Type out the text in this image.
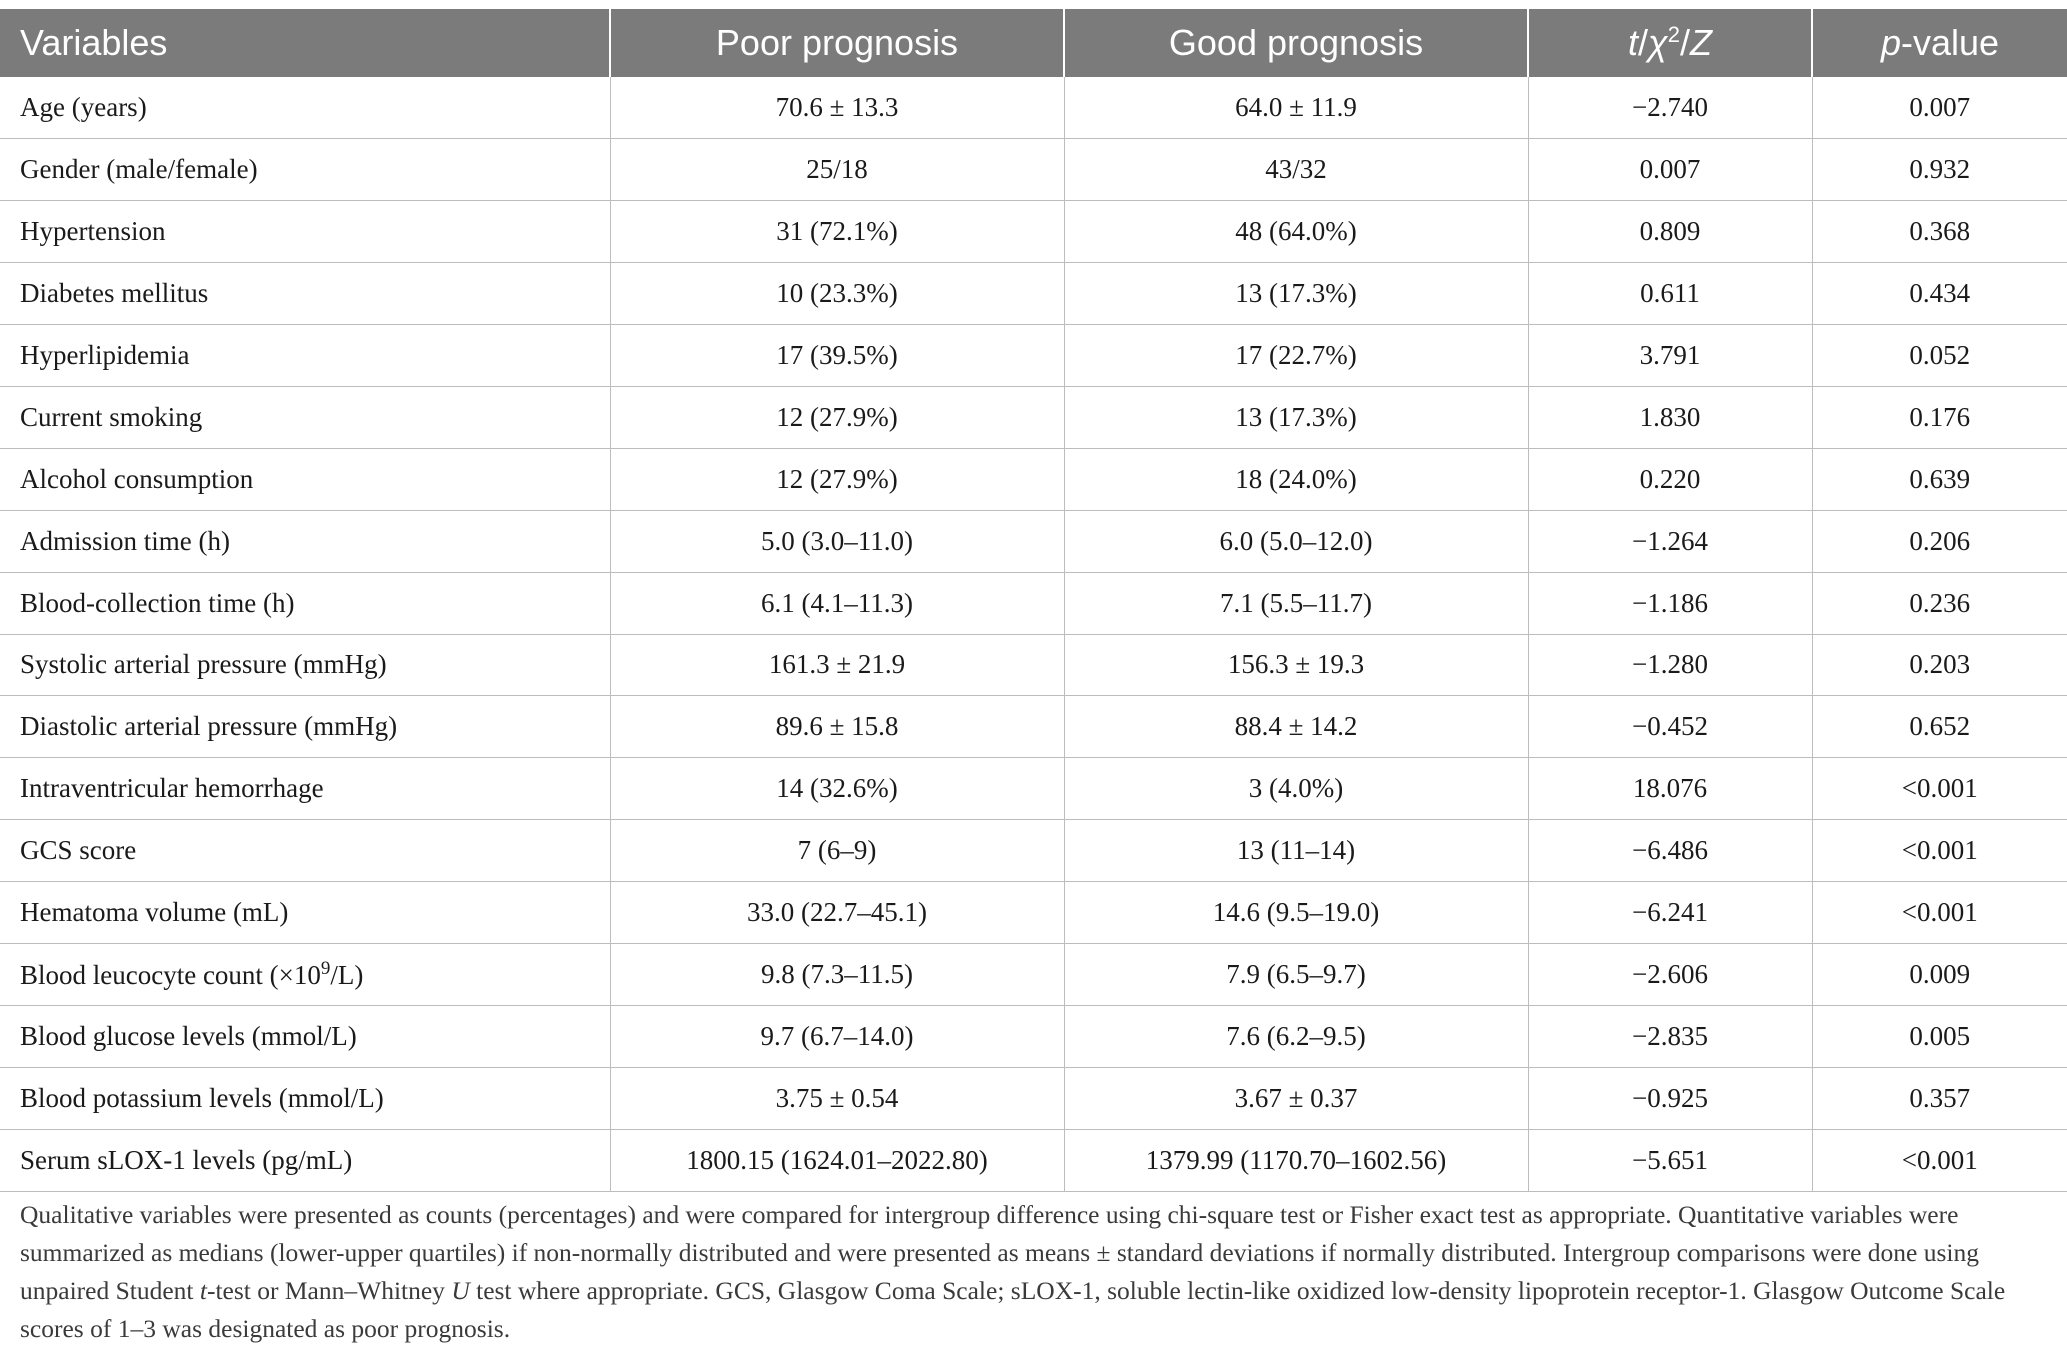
Variables	Poor prognosis	Good prognosis	$t/\chi^2/Z$	p-value
Age (years)	70.6 ± 13.3	64.0 ± 11.9	−2.740	0.007
Gender (male/female)	25/18	43/32	0.007	0.932
Hypertension	31 (72.1%)	48 (64.0%)	0.809	0.368
Diabetes mellitus	10 (23.3%)	13 (17.3%)	0.611	0.434
Hyperlipidemia	17 (39.5%)	17 (22.7%)	3.791	0.052
Current smoking	12 (27.9%)	13 (17.3%)	1.830	0.176
Alcohol consumption	12 (27.9%)	18 (24.0%)	0.220	0.639
Admission time (h)	5.0 (3.0–11.0)	6.0 (5.0–12.0)	−1.264	0.206
Blood-collection time (h)	6.1 (4.1–11.3)	7.1 (5.5–11.7)	−1.186	0.236
Systolic arterial pressure (mmHg)	161.3 ± 21.9	156.3 ± 19.3	−1.280	0.203
Diastolic arterial pressure (mmHg)	89.6 ± 15.8	88.4 ± 14.2	−0.452	0.652
Intraventricular hemorrhage	14 (32.6%)	3 (4.0%)	18.076	<0.001
GCS score	7 (6–9)	13 (11–14)	−6.486	<0.001
Hematoma volume (mL)	33.0 (22.7–45.1)	14.6 (9.5–19.0)	−6.241	<0.001
Blood leucocyte count $(\times 10^9/L)$	9.8 (7.3–11.5)	7.9 (6.5–9.7)	−2.606	0.009
Blood glucose levels (mmol/L)	9.7 (6.7–14.0)	7.6 (6.2–9.5)	−2.835	0.005
Blood potassium levels (mmol/L)	3.75 ± 0.54	3.67 ± 0.37	−0.925	0.357
Serum sLOX-1 levels (pg/mL)	1800.15 (1624.01–2022.80)	1379.99 (1170.70–1602.56)	−5.651	<0.001

Qualitative variables were presented as counts (percentages) and were compared for intergroup difference using chi-square test or Fisher exact test as appropriate. Quantitative variables were summarized as medians (lower-upper quartiles) if non-normally distributed and were presented as means ± standard deviations if normally distributed. Intergroup comparisons were done using unpaired Student t-test or Mann–Whitney U test where appropriate. GCS, Glasgow Coma Scale; sLOX-1, soluble lectin-like oxidized low-density lipoprotein receptor-1. Glasgow Outcome Scale scores of 1–3 was designated as poor prognosis.
